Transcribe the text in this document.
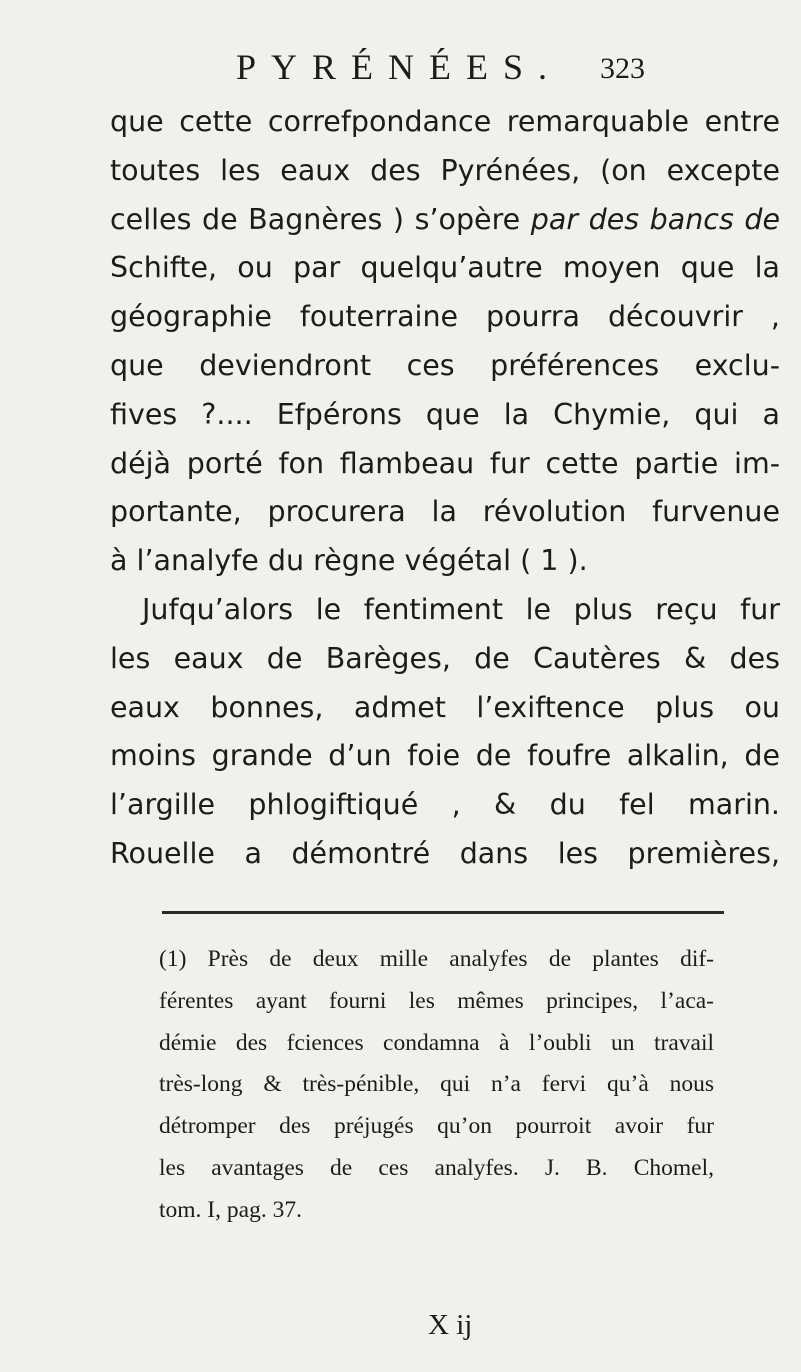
PYRÉNÉES. 323
que cette correfpondance remarquable entre
toutes les eaux des Pyrénées, (on excepte
celles de Bagnères ) s’opère par des bancs de
Schifte, ou par quelqu’autre moyen que la
géographie fouterraine pourra découvrir ,
que deviendront ces préférences exclu-
fives ?.... Efpérons que la Chymie, qui a
déjà porté fon flambeau fur cette partie im-
portante, procurera la révolution furvenue
à l’analyfe du règne végétal ( 1 ).
Jufqu’alors le fentiment le plus reçu fur
les eaux de Barèges, de Cautères & des
eaux bonnes, admet l’exiftence plus ou
moins grande d’un foie de foufre alkalin, de
l’argille phlogiftiqué , & du fel marin.
Rouelle a démontré dans les premières,
(1) Près de deux mille analyfes de plantes dif-
férentes ayant fourni les mêmes principes, l’aca-
démie des fciences condamna à l’oubli un travail
très-long & très-pénible, qui n’a fervi qu’à nous
détromper des préjugés qu’on pourroit avoir fur
les avantages de ces analyfes. J. B. Chomel,
tom. I, pag. 37.
X ij
